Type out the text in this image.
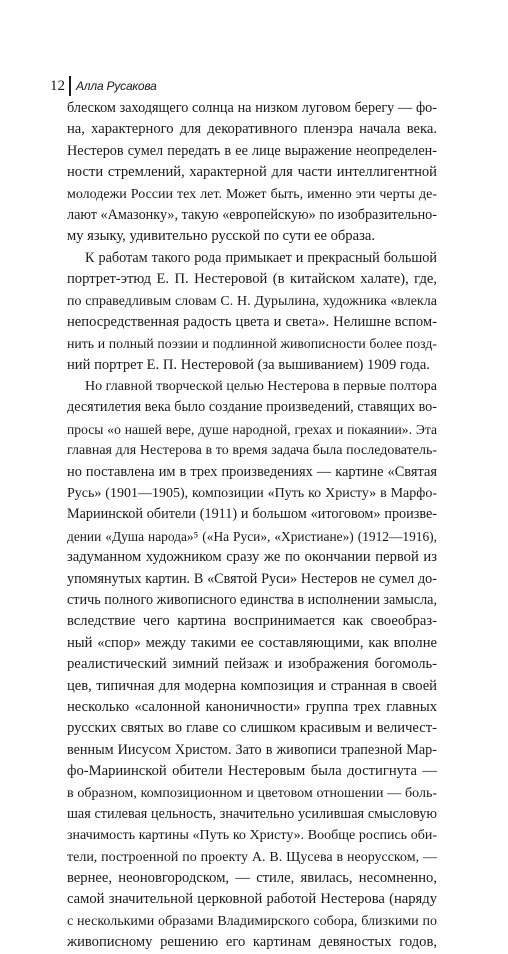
12 Алла Русакова
блеском заходящего солнца на низком луговом берегу — фо-
на, характерного для декоративного пленэра начала века.
Нестеров сумел передать в ее лице выражение неопределен-
ности стремлений, характерной для части интеллигентной
молодежи России тех лет. Может быть, именно эти черты де-
лают «Амазонку», такую «европейскую» по изобразительно-
му языку, удивительно русской по сути ее образа.
К работам такого рода примыкает и прекрасный большой
портрет-этюд Е. П. Нестеровой (в китайском халате), где,
по справедливым словам С. Н. Дурылина, художника «влекла
непосредственная радость цвета и света». Нелишне вспом-
нить и полный поэзии и подлинной живописности более позд-
ний портрет Е. П. Нестеровой (за вышиванием) 1909 года.
Но главной творческой целью Нестерова в первые полтора
десятилетия века было создание произведений, ставящих во-
просы «о нашей вере, душе народной, грехах и покаянии». Эта
главная для Нестерова в то время задача была последователь-
но поставлена им в трех произведениях — картине «Святая
Русь» (1901—1905), композиции «Путь ко Христу» в Марфо-
Мариинской обители (1911) и большом «итоговом» произве-
дении «Душа народа»⁵ («На Руси», «Христиане») (1912—1916),
задуманном художником сразу же по окончании первой из
упомянутых картин. В «Святой Руси» Нестеров не сумел до-
стичь полного живописного единства в исполнении замысла,
вследствие чего картина воспринимается как своеобраз-
ный «спор» между такими ее составляющими, как вполне
реалистический зимний пейзаж и изображения богомоль-
цев, типичная для модерна композиция и странная в своей
несколько «салонной каноничности» группа трех главных
русских святых во главе со слишком красивым и величест-
венным Иисусом Христом. Зато в живописи трапезной Мар-
фо-Мариинской обители Нестеровым была достигнута —
в образном, композиционном и цветовом отношении — боль-
шая стилевая цельность, значительно усилившая смысловую
значимость картины «Путь ко Христу». Вообще роспись оби-
тели, построенной по проекту А. В. Щусева в неорусском, —
вернее, неоновгородском, — стиле, явилась, несомненно,
самой значительной церковной работой Нестерова (наряду
с несколькими образами Владимирского собора, близкими по
живописному решению его картинам девяностых годов,
